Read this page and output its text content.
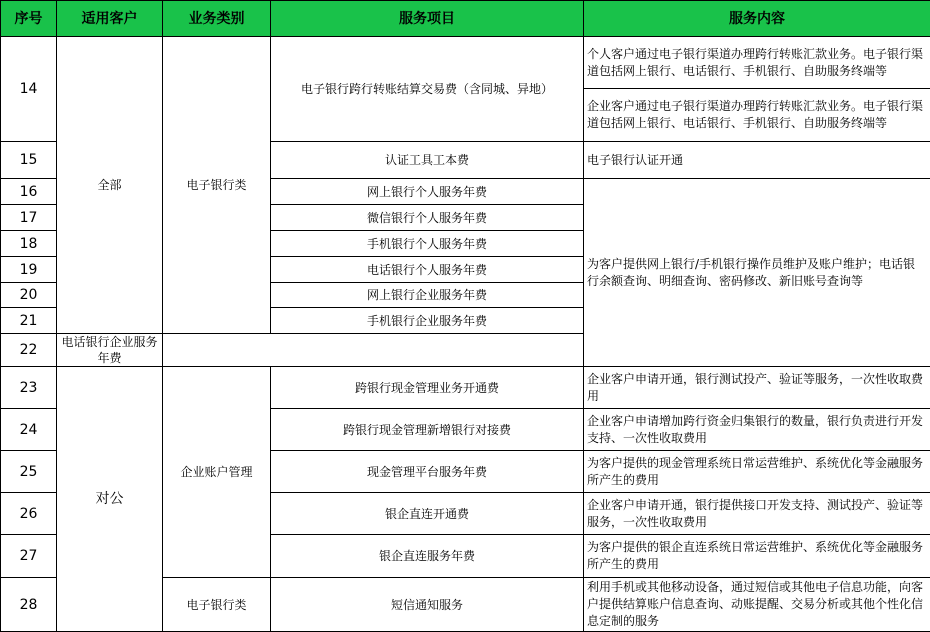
序号	适用客户	业务类别	服务项目	服务内容
14	全部	电子银行类	电子银行跨行转账结算交易费（含同城、异地）	个人客户通过电子银行渠道办理跨行转账汇款业务。电子银行渠道包括网上银行、电话银行、手机银行、自助服务终端等
				企业客户通过电子银行渠道办理跨行转账汇款业务。电子银行渠道包括网上银行、电话银行、手机银行、自助服务终端等
15			认证工具工本费	电子银行认证开通
16			网上银行个人服务年费	为客户提供网上银行/手机银行操作员维护及账户维护；电话银行余额查询、明细查询、密码修改、新旧账号查询等
17			微信银行个人服务年费	
18			手机银行个人服务年费	
19			电话银行个人服务年费	
20			网上银行企业服务年费	
21			手机银行企业服务年费	
22	电话银行企业服务年费			
23	对公	企业账户管理	跨银行现金管理业务开通费	企业客户申请开通，银行测试投产、验证等服务，一次性收取费用
24			跨银行现金管理新增银行对接费	企业客户申请增加跨行资金归集银行的数量，银行负责进行开发支持、一次性收取费用
25			现金管理平台服务年费	为客户提供的现金管理系统日常运营维护、系统优化等金融服务所产生的费用
26			银企直连开通费	企业客户申请开通，银行提供接口开发支持、测试投产、验证等服务，一次性收取费用
27			银企直连服务年费	为客户提供的银企直连系统日常运营维护、系统优化等金融服务所产生的费用
28		电子银行类	短信通知服务	利用手机或其他移动设备，通过短信或其他电子信息功能，向客户提供结算账户信息查询、动账提醒、交易分析或其他个性化信息定制的服务
